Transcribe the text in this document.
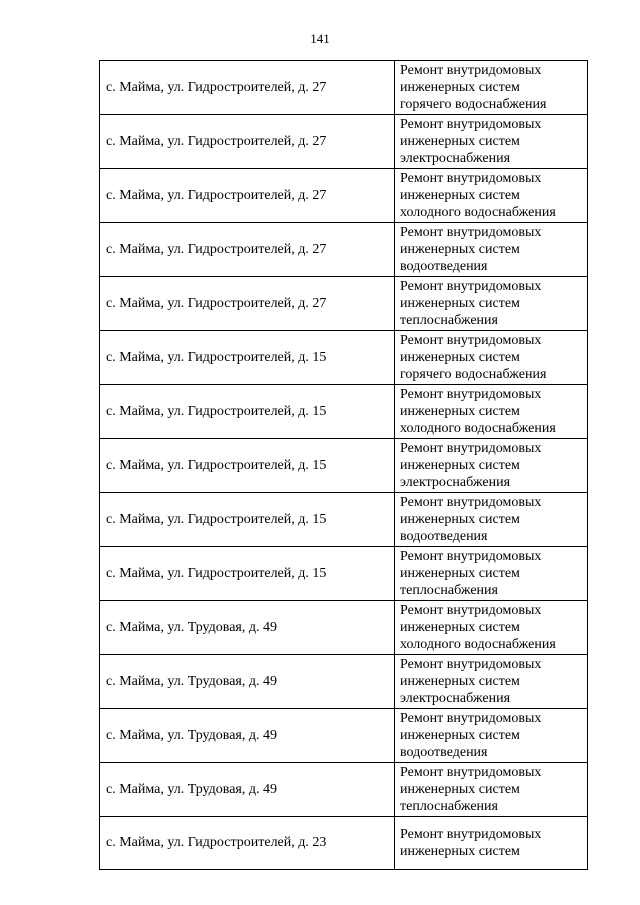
141
с. Майма, ул. Гидростроителей, д. 27	Ремонт внутридомовых
инженерных систем
горячего водоснабжения

с. Майма, ул. Гидростроителей, д. 27	Ремонт внутридомовых
инженерных систем
электроснабжения

с. Майма, ул. Гидростроителей, д. 27	Ремонт внутридомовых
инженерных систем
холодного водоснабжения

с. Майма, ул. Гидростроителей, д. 27	Ремонт внутридомовых
инженерных систем
водоотведения

с. Майма, ул. Гидростроителей, д. 27	Ремонт внутридомовых
инженерных систем
теплоснабжения

с. Майма, ул. Гидростроителей, д. 15	Ремонт внутридомовых
инженерных систем
горячего водоснабжения

с. Майма, ул. Гидростроителей, д. 15	Ремонт внутридомовых
инженерных систем
холодного водоснабжения

с. Майма, ул. Гидростроителей, д. 15	Ремонт внутридомовых
инженерных систем
электроснабжения

с. Майма, ул. Гидростроителей, д. 15	Ремонт внутридомовых
инженерных систем
водоотведения

с. Майма, ул. Гидростроителей, д. 15	Ремонт внутридомовых
инженерных систем
теплоснабжения

с. Майма, ул. Трудовая, д. 49	Ремонт внутридомовых
инженерных систем
холодного водоснабжения

с. Майма, ул. Трудовая, д. 49	Ремонт внутридомовых
инженерных систем
электроснабжения

с. Майма, ул. Трудовая, д. 49	Ремонт внутридомовых
инженерных систем
водоотведения

с. Майма, ул. Трудовая, д. 49	Ремонт внутридомовых
инженерных систем
теплоснабжения

с. Майма, ул. Гидростроителей, д. 23	Ремонт внутридомовых
инженерных систем
